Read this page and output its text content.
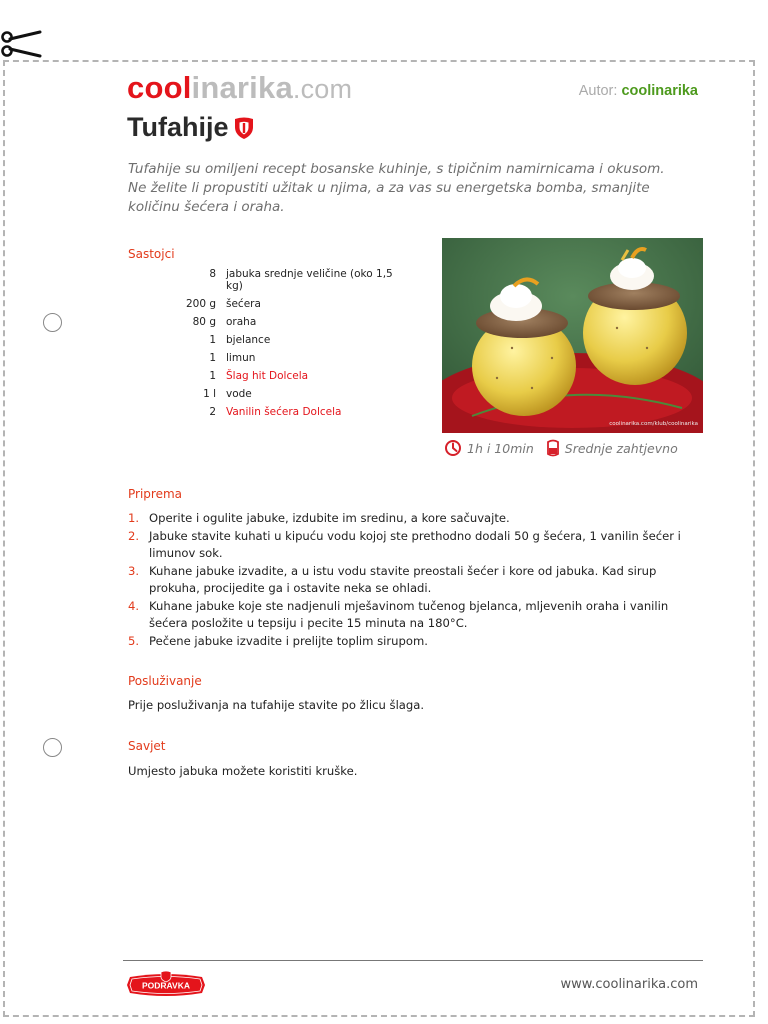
coolinarika.com	Autor: coolinarika
Tufahije

Tufahije su omiljeni recept bosanske kuhinje, s tipičnim namirnicama i okusom. Ne želite li propustiti užitak u njima, a za vas su energetska bomba, smanjite količinu šećera i oraha.

Sastojci
8 jabuka srednje veličine (oko 1,5 kg)
200 g šećera
80 g oraha
1 bjelance
1 limun
1 Šlag hit Dolcela
1 l vode
2 Vanilin šećera Dolcela
coolinarika.com/klub/coolinarika
1h i 10min Srednje zahtjevno
Priprema
1. Operite i ogulite jabuke, izdubite im sredinu, a kore sačuvajte.
2. Jabuke stavite kuhati u kipuću vodu kojoj ste prethodno dodali 50 g šećera, 1 vanilin šećer i limunov sok.
3. Kuhane jabuke izvadite, a u istu vodu stavite preostali šećer i kore od jabuka. Kad sirup prokuha, procijedite ga i ostavite neka se ohladi.
4. Kuhane jabuke koje ste nadjenuli mješavinom tučenog bjelanca, mljevenih oraha i vanilin šećera posložite u tepsiju i pecite 15 minuta na 180°C.
5. Pečene jabuke izvadite i prelijte toplim sirupom.
Posluživanje

Prije posluživanja na tufahije stavite po žlicu šlaga.

Savjet

Umjesto jabuka možete koristiti kruške.

PODRAVKA	www.coolinarika.com
